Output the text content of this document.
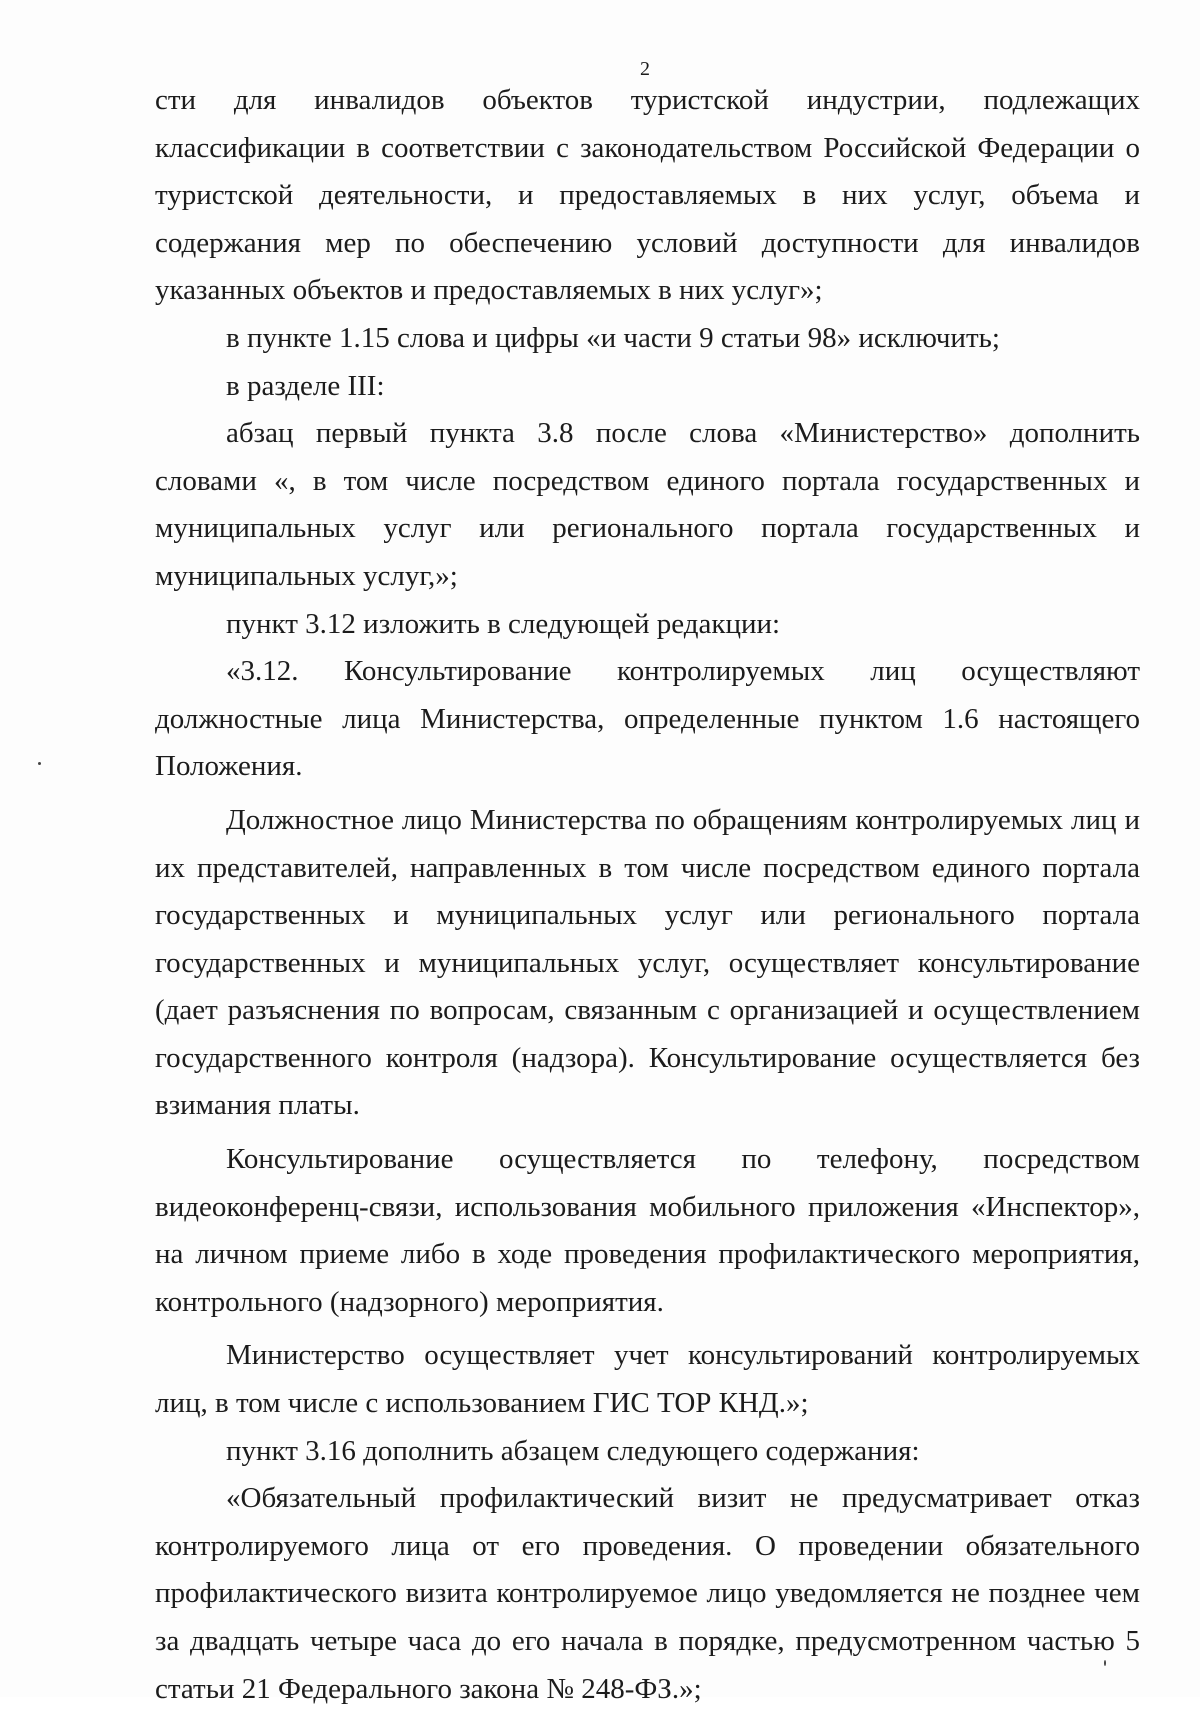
2

сти для инвалидов объектов туристской индустрии, подлежащих классификации в соответствии с законодательством Российской Федерации о туристской деятельности, и предоставляемых в них услуг, объема и содержания мер по обеспечению условий доступности для инвалидов указанных объектов и предоставляемых в них услуг»;

в пункте 1.15 слова и цифры «и части 9 статьи 98» исключить;

в разделе III:

абзац первый пункта 3.8 после слова «Министерство» дополнить словами «, в том числе посредством единого портала государственных и муниципальных услуг или регионального портала государственных и муниципальных услуг,»;

пункт 3.12 изложить в следующей редакции:

«3.12. Консультирование контролируемых лиц осуществляют должностные лица Министерства, определенные пунктом 1.6 настоящего Положения.

Должностное лицо Министерства по обращениям контролируемых лиц и их представителей, направленных в том числе посредством единого портала государственных и муниципальных услуг или регионального портала государственных и муниципальных услуг, осуществляет консультирование (дает разъяснения по вопросам, связанным с организацией и осуществлением государственного контроля (надзора). Консультирование осуществляется без взимания платы.

Консультирование осуществляется по телефону, посредством видеоконференц-связи, использования мобильного приложения «Инспектор», на личном приеме либо в ходе проведения профилактического мероприятия, контрольного (надзорного) мероприятия.

Министерство осуществляет учет консультирований контролируемых лиц, в том числе с использованием ГИС ТОР КНД.»;

пункт 3.16 дополнить абзацем следующего содержания:

«Обязательный профилактический визит не предусматривает отказ контролируемого лица от его проведения. О проведении обязательного профилактического визита контролируемое лицо уведомляется не позднее чем за двадцать четыре часа до его начала в порядке, предусмотренном частью 5 статьи 21 Федерального закона № 248-ФЗ.»;
